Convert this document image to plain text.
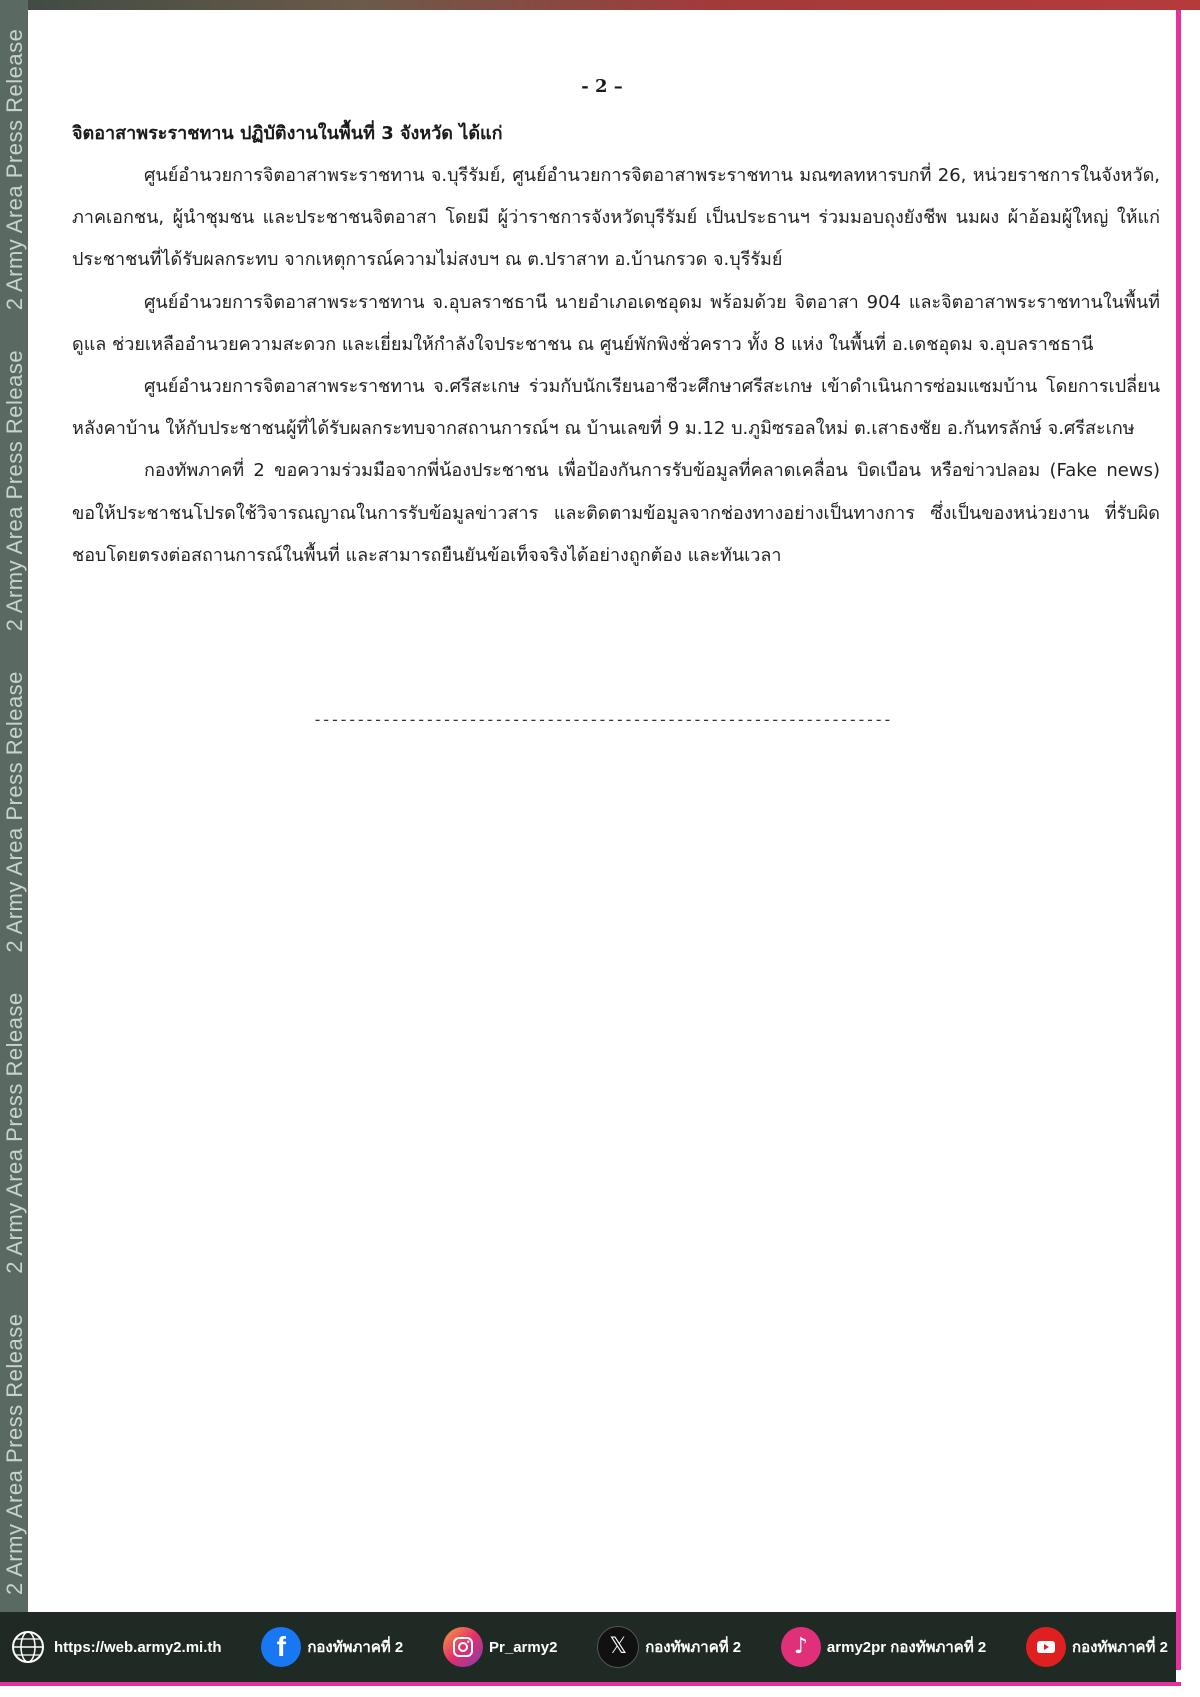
2 Army Area Press Release      2 Army Area Press Release      2 Army Area Press Release      2 Army Area Press Release      2 Army Area Press Release	- 2 –
จิตอาสาพระราชทาน ปฏิบัติงานในพื้นที่ 3 จังหวัด ได้แก่

ศูนย์อำนวยการจิตอาสาพระราชทาน จ.บุรีรัมย์, ศูนย์อำนวยการจิตอาสาพระราชทาน มณฑลทหารบกที่ 26, หน่วยราชการในจังหวัด, ภาคเอกชน, ผู้นำชุมชน และประชาชนจิตอาสา โดยมี ผู้ว่าราชการจังหวัดบุรีรัมย์ เป็นประธานฯ ร่วมมอบถุงยังชีพ นมผง ผ้าอ้อมผู้ใหญ่ ให้แก่ประชาชนที่ได้รับผลกระทบ จากเหตุการณ์ความไม่สงบฯ ณ ต.ปราสาท อ.บ้านกรวด จ.บุรีรัมย์

ศูนย์อำนวยการจิตอาสาพระราชทาน จ.อุบลราชธานี นายอำเภอเดชอุดม พร้อมด้วย จิตอาสา 904 และจิตอาสาพระราชทานในพื้นที่ ดูแล ช่วยเหลืออำนวยความสะดวก และเยี่ยมให้กำลังใจประชาชน ณ ศูนย์พักพิงชั่วคราว ทั้ง 8 แห่ง ในพื้นที่ อ.เดชอุดม จ.อุบลราชธานี

ศูนย์อำนวยการจิตอาสาพระราชทาน จ.ศรีสะเกษ ร่วมกับนักเรียนอาชีวะศึกษาศรีสะเกษ เข้าดำเนินการซ่อมแซมบ้าน โดยการเปลี่ยนหลังคาบ้าน ให้กับประชาชนผู้ที่ได้รับผลกระทบจากสถานการณ์ฯ ณ บ้านเลขที่ 9 ม.12 บ.ภูมิซรอลใหม่ ต.เสาธงชัย อ.กันทรลักษ์ จ.ศรีสะเกษ

กองทัพภาคที่ 2 ขอความร่วมมือจากพี่น้องประชาชน เพื่อป้องกันการรับข้อมูลที่คลาดเคลื่อน บิดเบือน หรือข่าวปลอม (Fake news) ขอให้ประชาชนโปรดใช้วิจารณญาณในการรับข้อมูลข่าวสาร และติดตามข้อมูลจากช่องทางอย่างเป็นทางการ ซึ่งเป็นของหน่วยงาน ที่รับผิดชอบโดยตรงต่อสถานการณ์ในพื้นที่ และสามารถยืนยันข้อเท็จจริงได้อย่างถูกต้อง และทันเวลา

-------------------------------------------------------------------
https://web.army2.mi.th f กองทัพภาคที่ 2	Pr_army2 𝕏 กองทัพภาคที่ 2 ♪ army2pr กองทัพภาคที่ 2	กองทัพภาคที่ 2
